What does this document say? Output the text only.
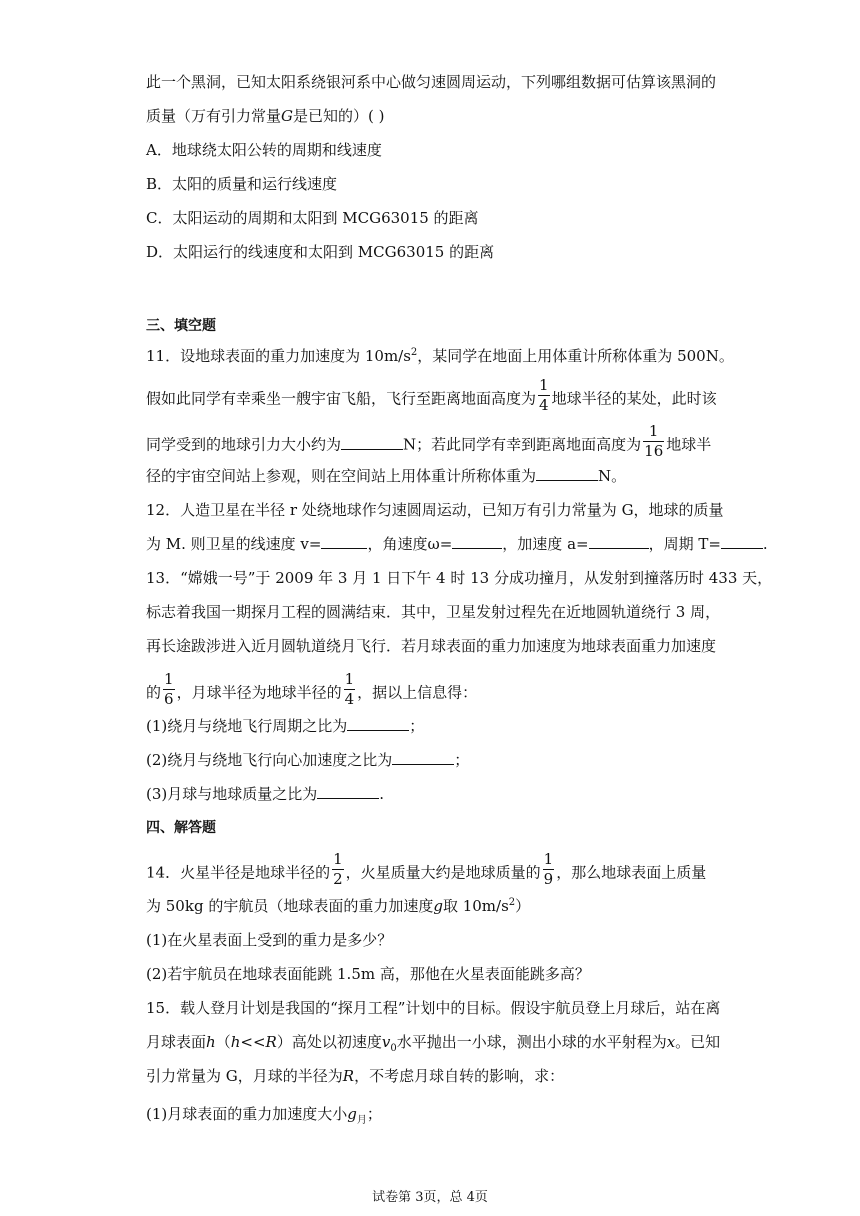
此一个黑洞，已知太阳系绕银河系中心做匀速圆周运动，下列哪组数据可估算该黑洞的
质量（万有引力常量G是已知的）( )
A．地球绕太阳公转的周期和线速度
B．太阳的质量和运行线速度
C．太阳运动的周期和太阳到 MCG63015 的距离
D．太阳运行的线速度和太阳到 MCG63015 的距离
三、填空题
11．设地球表面的重力加速度为 $10m/s^2$，某同学在地面上用体重计所称体重为 500N。
假如此同学有幸乘坐一艘宇宙飞船，飞行至距离地面高度为 $\frac{1}{4}$ 地球半径的某处，此时该
同学受到的地球引力大小约为	N；若此同学有幸到距离地面高度为 $\frac{1}{16}$ 地球半
径的宇宙空间站上参观，则在空间站上用体重计所称体重为	N。
12．人造卫星在半径 r 处绕地球作匀速圆周运动，已知万有引力常量为 G，地球的质量
为 M. 则卫星的线速度 v=	，角速度ω=	，加速度 a=	，周期 T=	.
13．“嫦娥一号”于 2009 年 3 月 1 日下午 4 时 13 分成功撞月，从发射到撞落历时 433 天，
标志着我国一期探月工程的圆满结束．其中，卫星发射过程先在近地圆轨道绕行 3 周，
再长途跋涉进入近月圆轨道绕月飞行．若月球表面的重力加速度为地球表面重力加速度
的 $\frac{1}{6}$ ，月球半径为地球半径的 $\frac{1}{4}$ ，据以上信息得：
(1)绕月与绕地飞行周期之比为	；
(2)绕月与绕地飞行向心加速度之比为	；
(3)月球与地球质量之比为	.
四、解答题
14．火星半径是地球半径的 $\frac{1}{2}$ ，火星质量大约是地球质量的 $\frac{1}{9}$ ，那么地球表面上质量
为 50kg 的宇航员（地球表面的重力加速度g取 $10m/s^2$）
(1)在火星表面上受到的重力是多少？
(2)若宇航员在地球表面能跳 1.5m 高，那他在火星表面能跳多高？
15．载人登月计划是我国的“探月工程”计划中的目标。假设宇航员登上月球后，站在离
月球表面h（h<<R）高处以初速度$v_0$水平抛出一小球，测出小球的水平射程为x。已知
引力常量为 G，月球的半径为R，不考虑月球自转的影响，求：
(1)月球表面的重力加速度大小$g_月$；
试卷第 3页，总 4页
